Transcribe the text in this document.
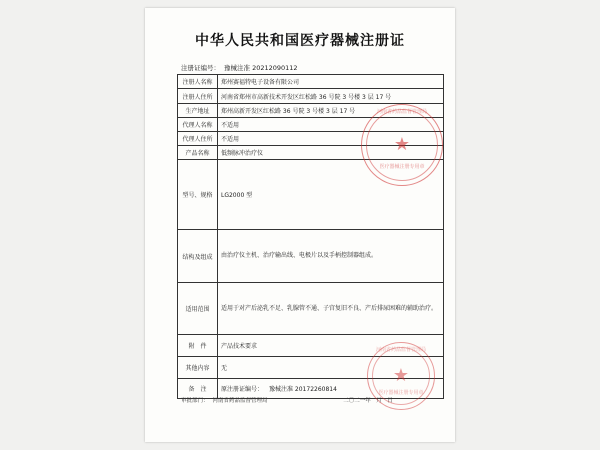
中华人民共和国医疗器械注册证
注册证编号： 豫械注准 20212090112
注册人名称	郑州赛福特电子设备有限公司
注册人住所	河南省郑州市高新技术开发区红松路 36 号院 3 号楼 3 层 17 号
生产地址	郑州高新开发区红松路 36 号院 3 号楼 3 层 17 号
代理人名称	不适用
代理人住所	不适用
产品名称	低频脉冲治疗仪
型号、规格	LG2000 型
结构及组成	由治疗仪主机、治疗输出线、电极片以及手柄控制器组成。
适用范围	适用于对产后泌乳不足、乳腺管不通、子宫复旧不良、产后排尿困难的辅助治疗。
附　件	产品技术要求
其他内容	无
备　注	原注册证编号： 豫械注准 20172260814
审批部门： 河南省药品监督管理局	二〇二一年　月　日
河南省药品监督管理局
★
医疗器械注册专用章
河南省药品监督管理局
★
医疗器械注册专用章
